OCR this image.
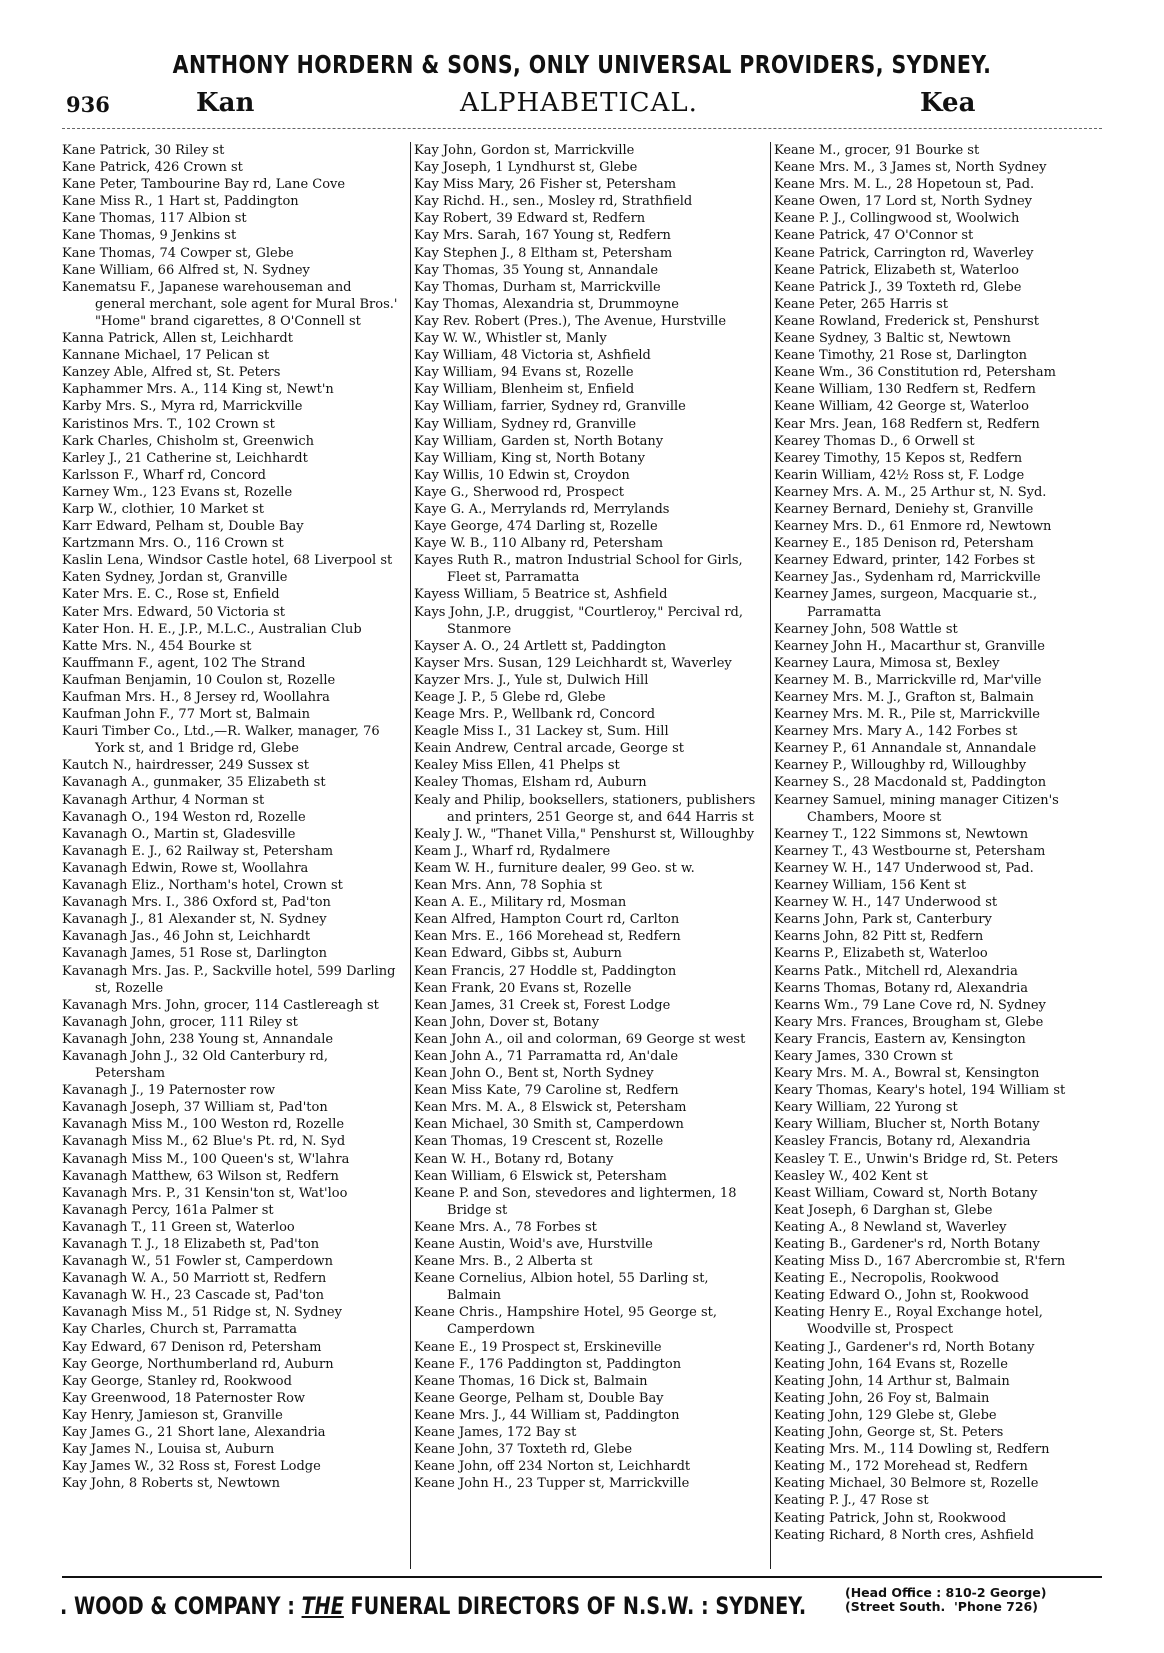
ANTHONY HORDERN & SONS, ONLY UNIVERSAL PROVIDERS, SYDNEY.
936	Kan	ALPHABETICAL.	Kea
Kane Patrick, 30 Riley st
Kane Patrick, 426 Crown st
Kane Peter, Tambourine Bay rd, Lane Cove
Kane Miss R., 1 Hart st, Paddington
Kane Thomas, 117 Albion st
Kane Thomas, 9 Jenkins st
Kane Thomas, 74 Cowper st, Glebe
Kane William, 66 Alfred st, N. Sydney
Kanematsu F., Japanese warehouseman and general merchant, sole agent for Mural Bros.' "Home" brand cigarettes, 8 O'Connell st
Kanna Patrick, Allen st, Leichhardt
Kannane Michael, 17 Pelican st
Kanzey Able, Alfred st, St. Peters
Kaphammer Mrs. A., 114 King st, Newt'n
Karby Mrs. S., Myra rd, Marrickville
Karistinos Mrs. T., 102 Crown st
Kark Charles, Chisholm st, Greenwich
Karley J., 21 Catherine st, Leichhardt
Karlsson F., Wharf rd, Concord
Karney Wm., 123 Evans st, Rozelle
Karp W., clothier, 10 Market st
Karr Edward, Pelham st, Double Bay
Kartzmann Mrs. O., 116 Crown st
Kaslin Lena, Windsor Castle hotel, 68 Liverpool st
Katen Sydney, Jordan st, Granville
Kater Mrs. E. C., Rose st, Enfield
Kater Mrs. Edward, 50 Victoria st
Kater Hon. H. E., J.P., M.L.C., Australian Club
Katte Mrs. N., 454 Bourke st
Kauffmann F., agent, 102 The Strand
Kaufman Benjamin, 10 Coulon st, Rozelle
Kaufman Mrs. H., 8 Jersey rd, Woollahra
Kaufman John F., 77 Mort st, Balmain
Kauri Timber Co., Ltd.,—R. Walker, manager, 76 York st, and 1 Bridge rd, Glebe
Kautch N., hairdresser, 249 Sussex st
Kavanagh A., gunmaker, 35 Elizabeth st
Kavanagh Arthur, 4 Norman st
Kavanagh O., 194 Weston rd, Rozelle
Kavanagh O., Martin st, Gladesville
Kavanagh E. J., 62 Railway st, Petersham
Kavanagh Edwin, Rowe st, Woollahra
Kavanagh Eliz., Northam's hotel, Crown st
Kavanagh Mrs. I., 386 Oxford st, Pad'ton
Kavanagh J., 81 Alexander st, N. Sydney
Kavanagh Jas., 46 John st, Leichhardt
Kavanagh James, 51 Rose st, Darlington
Kavanagh Mrs. Jas. P., Sackville hotel, 599 Darling st, Rozelle
Kavanagh Mrs. John, grocer, 114 Castlereagh st
Kavanagh John, grocer, 111 Riley st
Kavanagh John, 238 Young st, Annandale
Kavanagh John J., 32 Old Canterbury rd, Petersham
Kavanagh J., 19 Paternoster row
Kavanagh Joseph, 37 William st, Pad'ton
Kavanagh Miss M., 100 Weston rd, Rozelle
Kavanagh Miss M., 62 Blue's Pt. rd, N. Syd
Kavanagh Miss M., 100 Queen's st, W'lahra
Kavanagh Matthew, 63 Wilson st, Redfern
Kavanagh Mrs. P., 31 Kensin'ton st, Wat'loo
Kavanagh Percy, 161a Palmer st
Kavanagh T., 11 Green st, Waterloo
Kavanagh T. J., 18 Elizabeth st, Pad'ton
Kavanagh W., 51 Fowler st, Camperdown
Kavanagh W. A., 50 Marriott st, Redfern
Kavanagh W. H., 23 Cascade st, Pad'ton
Kavanagh Miss M., 51 Ridge st, N. Sydney
Kay Charles, Church st, Parramatta
Kay Edward, 67 Denison rd, Petersham
Kay George, Northumberland rd, Auburn
Kay George, Stanley rd, Rookwood
Kay Greenwood, 18 Paternoster Row
Kay Henry, Jamieson st, Granville
Kay James G., 21 Short lane, Alexandria
Kay James N., Louisa st, Auburn
Kay James W., 32 Ross st, Forest Lodge
Kay John, 8 Roberts st, Newtown
Kay John, Gordon st, Marrickville
Kay Joseph, 1 Lyndhurst st, Glebe
Kay Miss Mary, 26 Fisher st, Petersham
Kay Richd. H., sen., Mosley rd, Strathfield
Kay Robert, 39 Edward st, Redfern
Kay Mrs. Sarah, 167 Young st, Redfern
Kay Stephen J., 8 Eltham st, Petersham
Kay Thomas, 35 Young st, Annandale
Kay Thomas, Durham st, Marrickville
Kay Thomas, Alexandria st, Drummoyne
Kay Rev. Robert (Pres.), The Avenue, Hurstville
Kay W. W., Whistler st, Manly
Kay William, 48 Victoria st, Ashfield
Kay William, 94 Evans st, Rozelle
Kay William, Blenheim st, Enfield
Kay William, farrier, Sydney rd, Granville
Kay William, Sydney rd, Granville
Kay William, Garden st, North Botany
Kay William, King st, North Botany
Kay Willis, 10 Edwin st, Croydon
Kaye G., Sherwood rd, Prospect
Kaye G. A., Merrylands rd, Merrylands
Kaye George, 474 Darling st, Rozelle
Kaye W. B., 110 Albany rd, Petersham
Kayes Ruth R., matron Industrial School for Girls, Fleet st, Parramatta
Kayess William, 5 Beatrice st, Ashfield
Kays John, J.P., druggist, "Courtleroy," Percival rd, Stanmore
Kayser A. O., 24 Artlett st, Paddington
Kayser Mrs. Susan, 129 Leichhardt st, Waverley
Kayzer Mrs. J., Yule st, Dulwich Hill
Keage J. P., 5 Glebe rd, Glebe
Keage Mrs. P., Wellbank rd, Concord
Keagle Miss I., 31 Lackey st, Sum. Hill
Keain Andrew, Central arcade, George st
Kealey Miss Ellen, 41 Phelps st
Kealey Thomas, Elsham rd, Auburn
Kealy and Philip, booksellers, stationers, publishers and printers, 251 George st, and 644 Harris st
Kealy J. W., "Thanet Villa," Penshurst st, Willoughby
Keam J., Wharf rd, Rydalmere
Keam W. H., furniture dealer, 99 Geo. st w.
Kean Mrs. Ann, 78 Sophia st
Kean A. E., Military rd, Mosman
Kean Alfred, Hampton Court rd, Carlton
Kean Mrs. E., 166 Morehead st, Redfern
Kean Edward, Gibbs st, Auburn
Kean Francis, 27 Hoddle st, Paddington
Kean Frank, 20 Evans st, Rozelle
Kean James, 31 Creek st, Forest Lodge
Kean John, Dover st, Botany
Kean John A., oil and colorman, 69 George st west
Kean John A., 71 Parramatta rd, An'dale
Kean John O., Bent st, North Sydney
Kean Miss Kate, 79 Caroline st, Redfern
Kean Mrs. M. A., 8 Elswick st, Petersham
Kean Michael, 30 Smith st, Camperdown
Kean Thomas, 19 Crescent st, Rozelle
Kean W. H., Botany rd, Botany
Kean William, 6 Elswick st, Petersham
Keane P. and Son, stevedores and lightermen, 18 Bridge st
Keane Mrs. A., 78 Forbes st
Keane Austin, Woid's ave, Hurstville
Keane Mrs. B., 2 Alberta st
Keane Cornelius, Albion hotel, 55 Darling st, Balmain
Keane Chris., Hampshire Hotel, 95 George st, Camperdown
Keane E., 19 Prospect st, Erskineville
Keane F., 176 Paddington st, Paddington
Keane Thomas, 16 Dick st, Balmain
Keane George, Pelham st, Double Bay
Keane Mrs. J., 44 William st, Paddington
Keane James, 172 Bay st
Keane John, 37 Toxteth rd, Glebe
Keane John, off 234 Norton st, Leichhardt
Keane John H., 23 Tupper st, Marrickville
Keane M., grocer, 91 Bourke st
Keane Mrs. M., 3 James st, North Sydney
Keane Mrs. M. L., 28 Hopetoun st, Pad.
Keane Owen, 17 Lord st, North Sydney
Keane P. J., Collingwood st, Woolwich
Keane Patrick, 47 O'Connor st
Keane Patrick, Carrington rd, Waverley
Keane Patrick, Elizabeth st, Waterloo
Keane Patrick J., 39 Toxteth rd, Glebe
Keane Peter, 265 Harris st
Keane Rowland, Frederick st, Penshurst
Keane Sydney, 3 Baltic st, Newtown
Keane Timothy, 21 Rose st, Darlington
Keane Wm., 36 Constitution rd, Petersham
Keane William, 130 Redfern st, Redfern
Keane William, 42 George st, Waterloo
Kear Mrs. Jean, 168 Redfern st, Redfern
Kearey Thomas D., 6 Orwell st
Kearey Timothy, 15 Kepos st, Redfern
Kearin William, 42½ Ross st, F. Lodge
Kearney Mrs. A. M., 25 Arthur st, N. Syd.
Kearney Bernard, Deniehy st, Granville
Kearney Mrs. D., 61 Enmore rd, Newtown
Kearney E., 185 Denison rd, Petersham
Kearney Edward, printer, 142 Forbes st
Kearney Jas., Sydenham rd, Marrickville
Kearney James, surgeon, Macquarie st., Parramatta
Kearney John, 508 Wattle st
Kearney John H., Macarthur st, Granville
Kearney Laura, Mimosa st, Bexley
Kearney M. B., Marrickville rd, Mar'ville
Kearney Mrs. M. J., Grafton st, Balmain
Kearney Mrs. M. R., Pile st, Marrickville
Kearney Mrs. Mary A., 142 Forbes st
Kearney P., 61 Annandale st, Annandale
Kearney P., Willoughby rd, Willoughby
Kearney S., 28 Macdonald st, Paddington
Kearney Samuel, mining manager Citizen's Chambers, Moore st
Kearney T., 122 Simmons st, Newtown
Kearney T., 43 Westbourne st, Petersham
Kearney W. H., 147 Underwood st, Pad.
Kearney William, 156 Kent st
Kearney W. H., 147 Underwood st
Kearns John, Park st, Canterbury
Kearns John, 82 Pitt st, Redfern
Kearns P., Elizabeth st, Waterloo
Kearns Patk., Mitchell rd, Alexandria
Kearns Thomas, Botany rd, Alexandria
Kearns Wm., 79 Lane Cove rd, N. Sydney
Keary Mrs. Frances, Brougham st, Glebe
Keary Francis, Eastern av, Kensington
Keary James, 330 Crown st
Keary Mrs. M. A., Bowral st, Kensington
Keary Thomas, Keary's hotel, 194 William st
Keary William, 22 Yurong st
Keary William, Blucher st, North Botany
Keasley Francis, Botany rd, Alexandria
Keasley T. E., Unwin's Bridge rd, St. Peters
Keasley W., 402 Kent st
Keast William, Coward st, North Botany
Keat Joseph, 6 Darghan st, Glebe
Keating A., 8 Newland st, Waverley
Keating B., Gardener's rd, North Botany
Keating Miss D., 167 Abercrombie st, R'fern
Keating E., Necropolis, Rookwood
Keating Edward O., John st, Rookwood
Keating Henry E., Royal Exchange hotel, Woodville st, Prospect
Keating J., Gardener's rd, North Botany
Keating John, 164 Evans st, Rozelle
Keating John, 14 Arthur st, Balmain
Keating John, 26 Foy st, Balmain
Keating John, 129 Glebe st, Glebe
Keating John, George st, St. Peters
Keating Mrs. M., 114 Dowling st, Redfern
Keating M., 172 Morehead st, Redfern
Keating Michael, 30 Belmore st, Rozelle
Keating P. J., 47 Rose st
Keating Patrick, John st, Rookwood
Keating Richard, 8 North cres, Ashfield
. WOOD & COMPANY : THE FUNERAL DIRECTORS OF N.S.W. : SYDNEY.	(Head Office : 810-2 George)
(Street South.  'Phone 726)
